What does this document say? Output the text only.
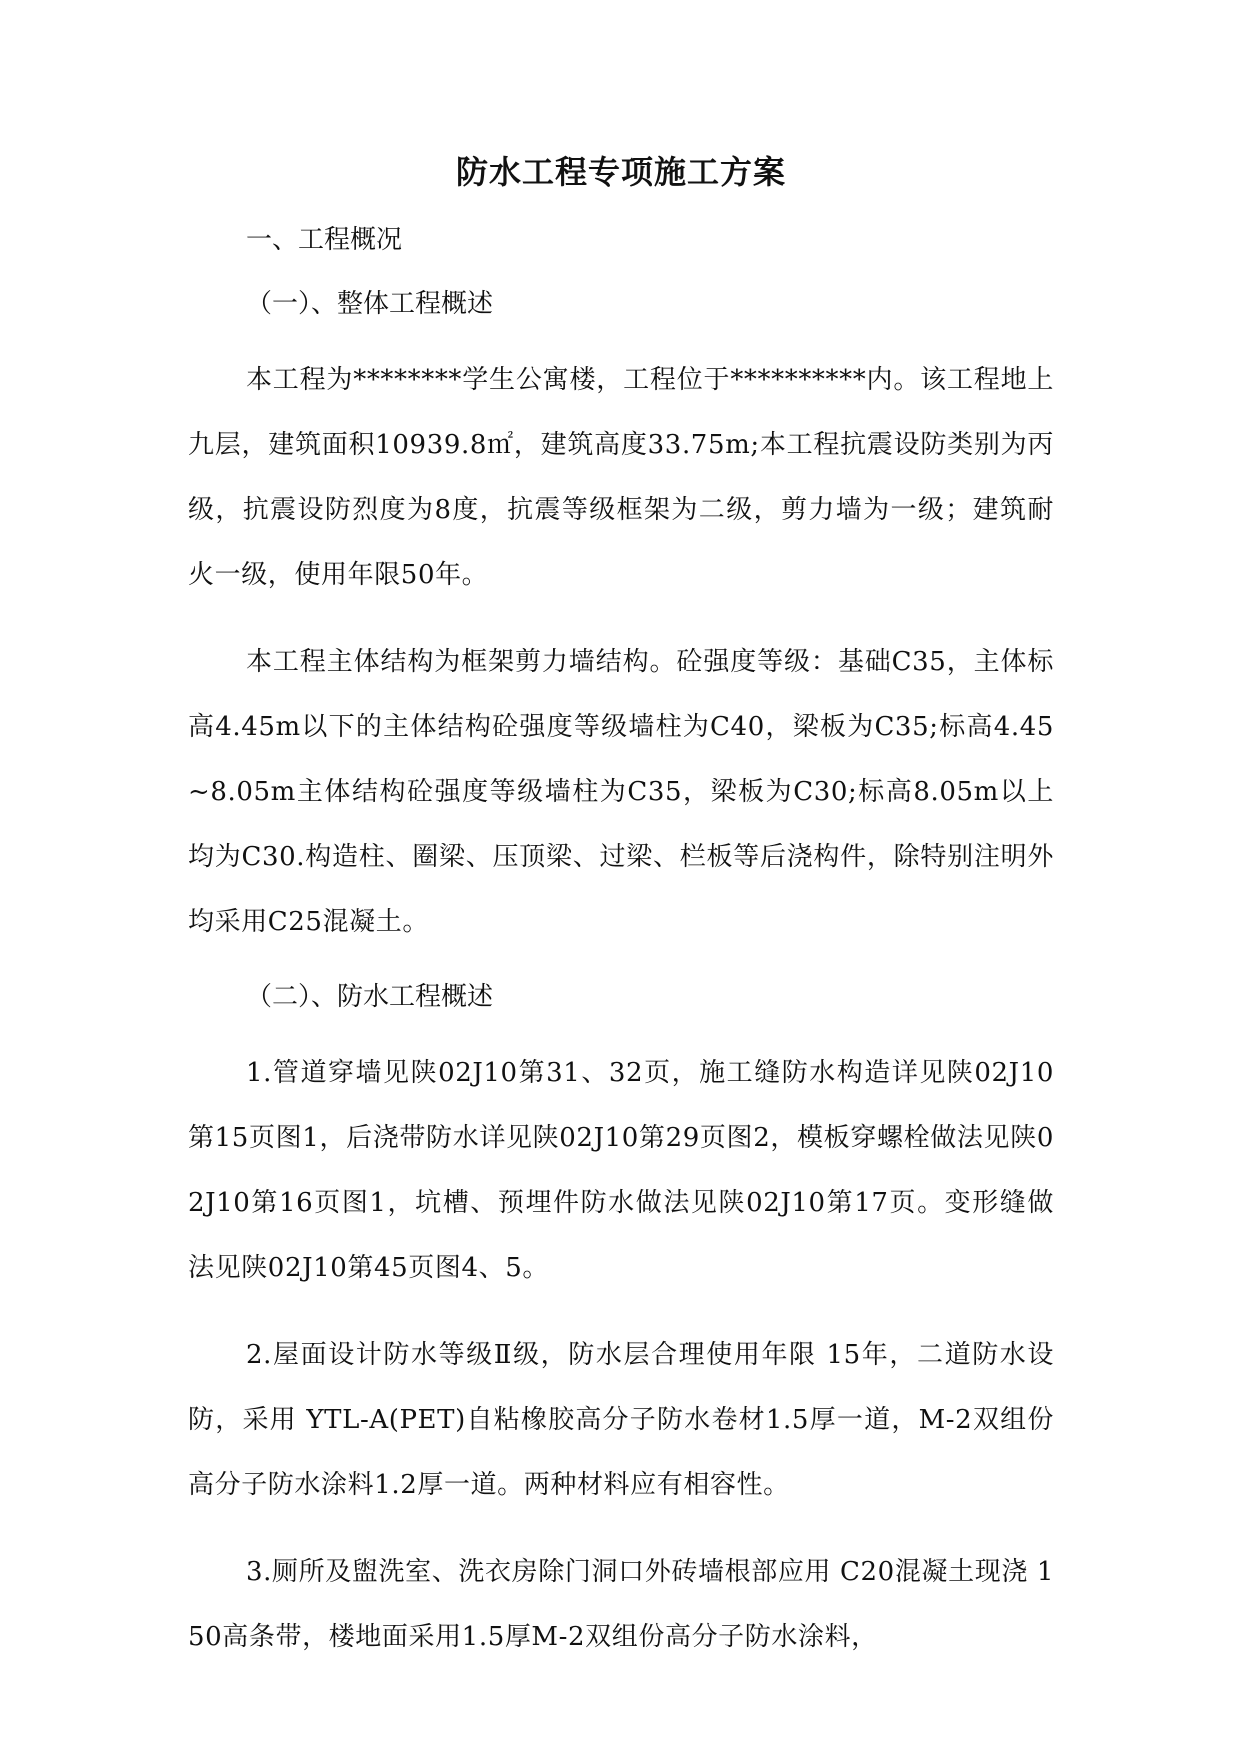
防水工程专项施工方案
一、工程概况
（一）、整体工程概述

本工程为********学生公寓楼，工程位于**********内。该工程地上九层，建筑面积10939.8㎡，建筑高度33.75m;本工程抗震设防类别为丙级，抗震设防烈度为8度，抗震等级框架为二级，剪力墙为一级；建筑耐火一级，使用年限50年。

本工程主体结构为框架剪力墙结构。砼强度等级：基础C35，主体标高4.45m以下的主体结构砼强度等级墙柱为C40，梁板为C35;标高4.45~8.05m主体结构砼强度等级墙柱为C35，梁板为C30;标高8.05m以上均为C30.构造柱、圈梁、压顶梁、过梁、栏板等后浇构件，除特别注明外均采用C25混凝土。

（二）、防水工程概述

1.管道穿墙见陕02J10第31、32页，施工缝防水构造详见陕02J10第15页图1，后浇带防水详见陕02J10第29页图2，模板穿螺栓做法见陕02J10第16页图1，坑槽、预埋件防水做法见陕02J10第17页。变形缝做法见陕02J10第45页图4、5。

2.屋面设计防水等级Ⅱ级，防水层合理使用年限 15年，二道防水设防，采用 YTL-A(PET)自粘橡胶高分子防水卷材1.5厚一道，M-2双组份高分子防水涂料1.2厚一道。两种材料应有相容性。

3.厕所及盥洗室、洗衣房除门洞口外砖墙根部应用 C20混凝土现浇 150高条带，楼地面采用1.5厚M-2双组份高分子防水涂料，
